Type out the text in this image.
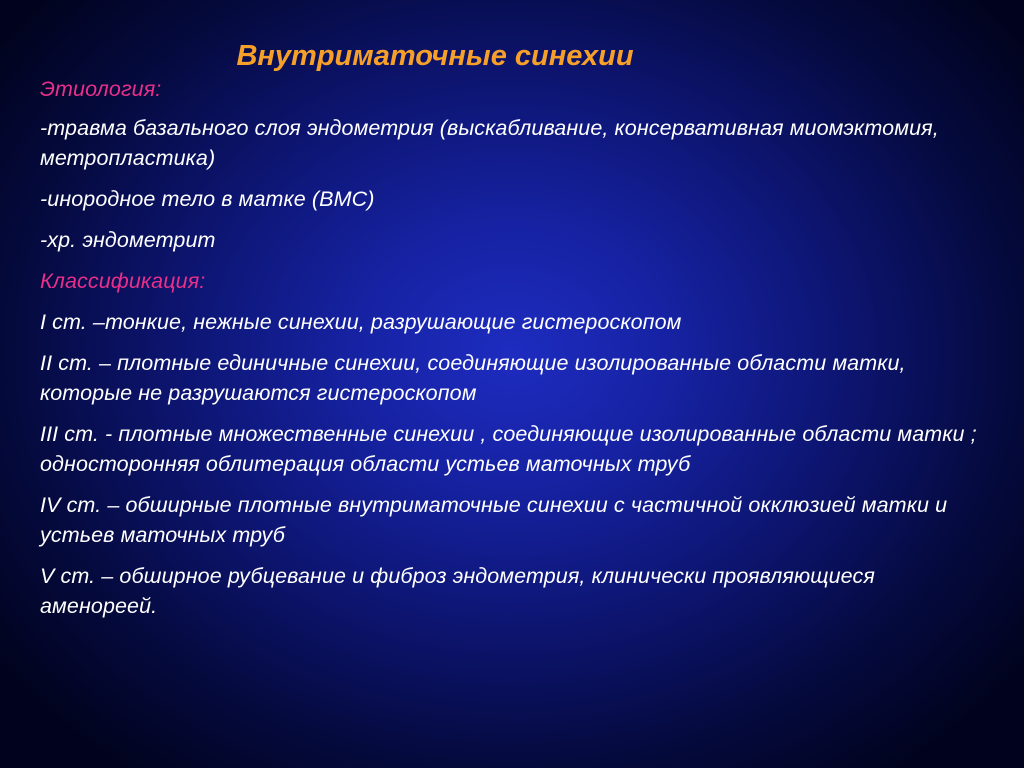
Внутриматочные синехии

Этиология:

-травма базального слоя эндометрия (выскабливание, консервативная миомэктомия, метропластика)

-инородное тело в матке (ВМС)

-хр. эндометрит

Классификация:

I ст. –тонкие, нежные синехии, разрушающие гистероскопом

II ст. – плотные единичные синехии, соединяющие изолированные области матки, которые не разрушаются гистероскопом

III ст. - плотные множественные синехии , соединяющие изолированные области матки ; односторонняя облитерация области устьев маточных труб

IV ст. – обширные плотные внутриматочные синехии с частичной окклюзией матки и устьев маточных труб

V ст. – обширное рубцевание и фиброз эндометрия, клинически проявляющиеся аменореей.
